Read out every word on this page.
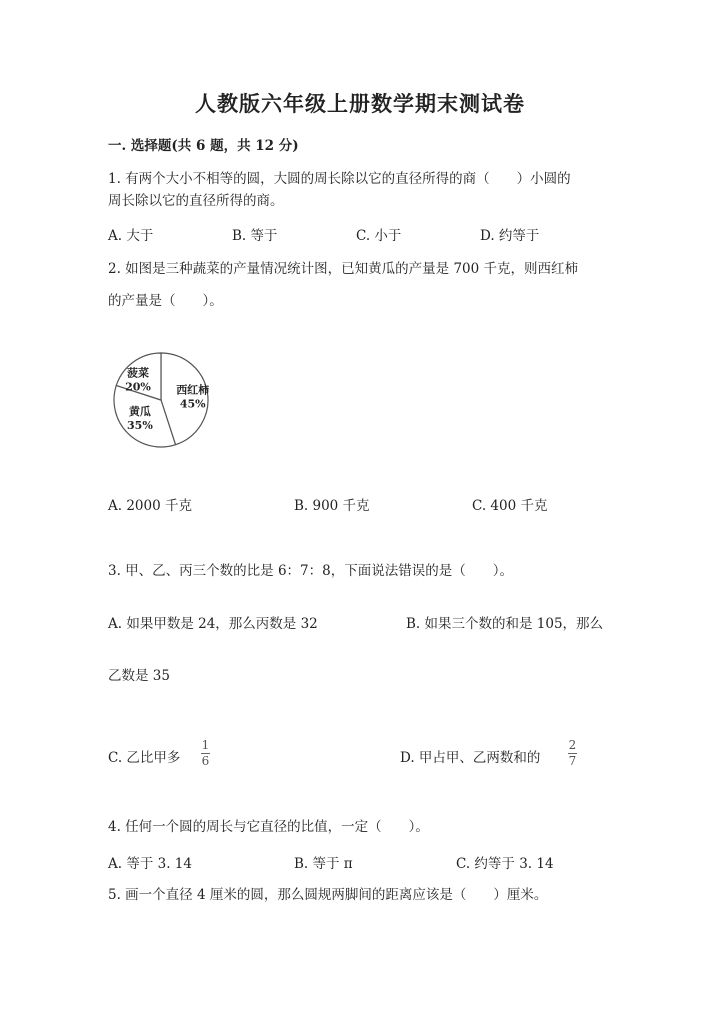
人教版六年级上册数学期末测试卷
一. 选择题(共 6 题，共 12 分)
1. 有两个大小不相等的圆，大圆的周长除以它的直径所得的商（　　）小圆的
周长除以它的直径所得的商。
A. 大于	B. 等于	C. 小于	D. 约等于
2. 如图是三种蔬菜的产量情况统计图，已知黄瓜的产量是 700 千克，则西红柿
的产量是（　　）。
西红柿
45%
黄瓜
35%
菠菜
20%
A. 2000 千克	B. 900 千克	C. 400 千克
3. 甲、乙、丙三个数的比是 6：7：8，下面说法错误的是（　　）。
A. 如果甲数是 24，那么丙数是 32	B. 如果三个数的和是 105，那么
乙数是 35
C. 乙比甲多
1
6	D. 甲占甲、乙两数和的
2
7
4. 任何一个圆的周长与它直径的比值，一定（　　）。
A. 等于 3. 14	B. 等于 π	C. 约等于 3. 14
5. 画一个直径 4 厘米的圆，那么圆规两脚间的距离应该是（　　）厘米。
